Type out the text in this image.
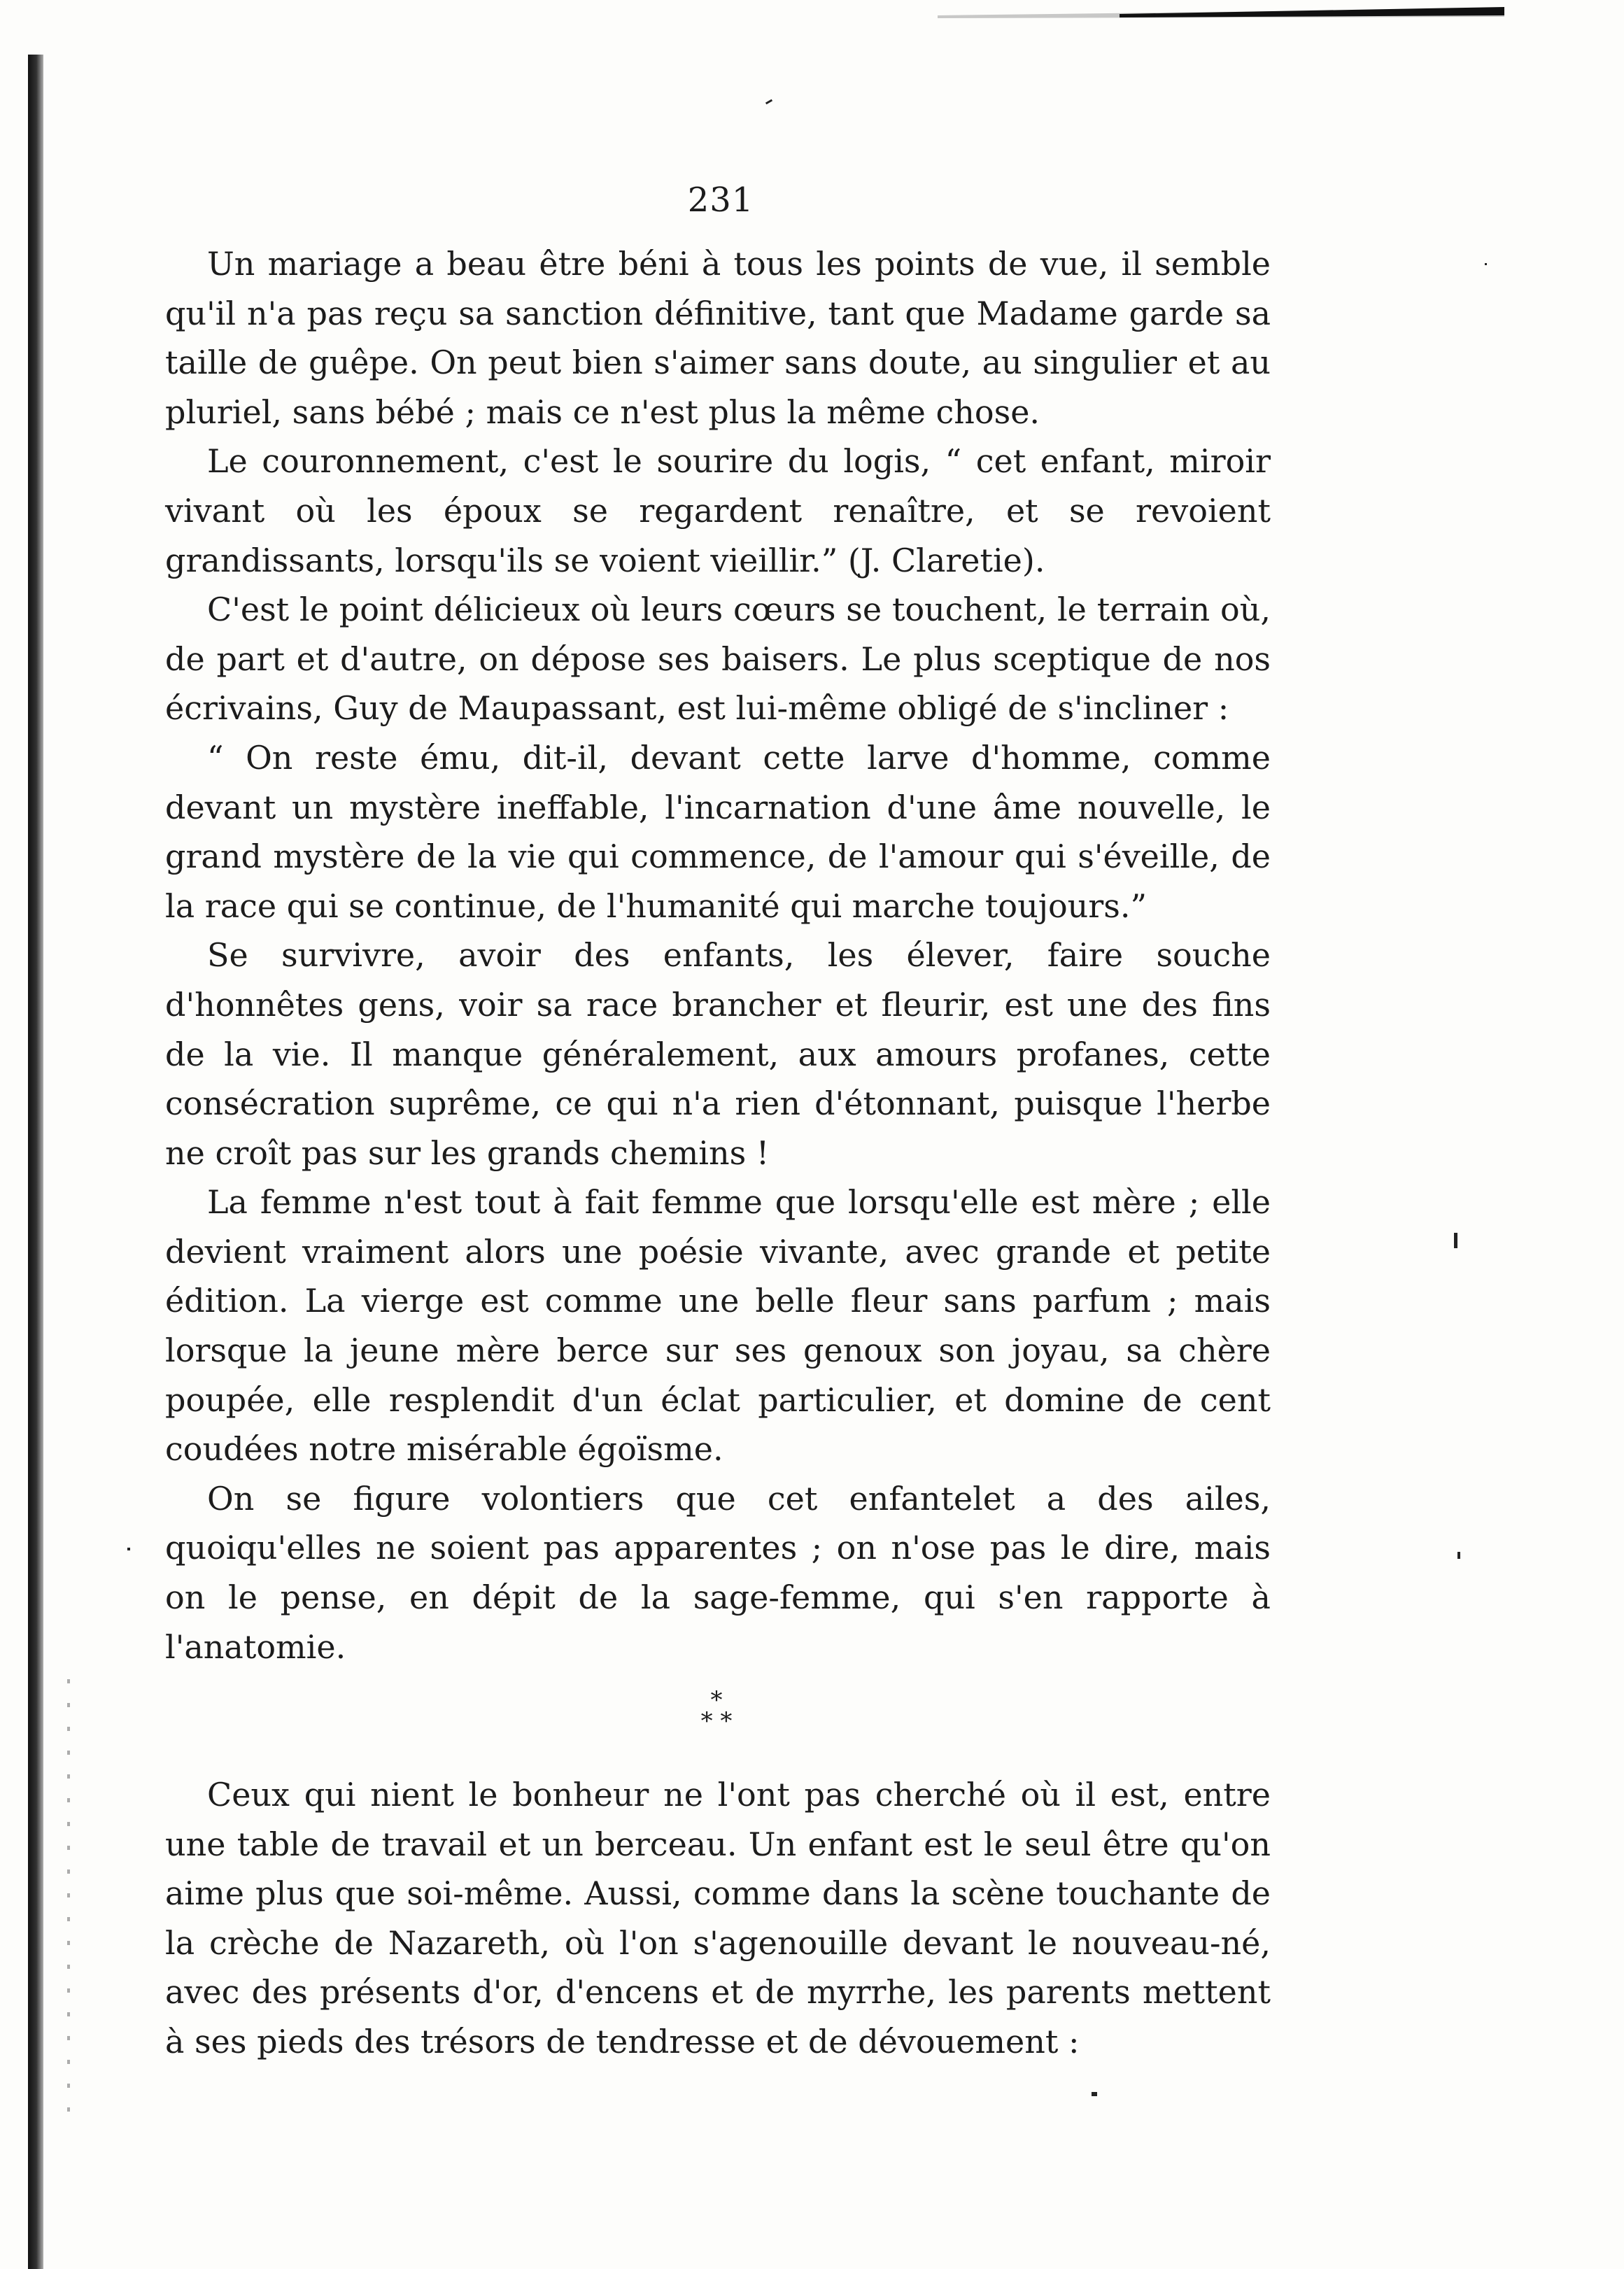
231

Un mariage a beau être béni à tous les points de vue, il semble qu'il n'a pas reçu sa sanction définitive, tant que Madame garde sa taille de guêpe. On peut bien s'aimer sans doute, au singulier et au pluriel, sans bébé ; mais ce n'est plus la même chose.

Le couronnement, c'est le sourire du logis, “ cet enfant, miroir vivant où les époux se regardent renaître, et se revoient grandissants, lorsqu'ils se voient vieillir.” (J. Claretie).

C'est le point délicieux où leurs cœurs se touchent, le terrain où, de part et d'autre, on dépose ses baisers. Le plus sceptique de nos écrivains, Guy de Maupassant, est lui-même obligé de s'incliner :

“ On reste ému, dit-il, devant cette larve d'homme, comme devant un mystère ineffable, l'incarnation d'une âme nouvelle, le grand mystère de la vie qui commence, de l'amour qui s'éveille, de la race qui se continue, de l'humanité qui marche toujours.”

Se survivre, avoir des enfants, les élever, faire souche d'honnêtes gens, voir sa race brancher et fleurir, est une des fins de la vie. Il manque généralement, aux amours profanes, cette consécration suprême, ce qui n'a rien d'étonnant, puisque l'herbe ne croît pas sur les grands chemins !

La femme n'est tout à fait femme que lorsqu'elle est mère ; elle devient vraiment alors une poésie vivante, avec grande et petite édition. La vierge est comme une belle fleur sans parfum ; mais lorsque la jeune mère berce sur ses genoux son joyau, sa chère poupée, elle resplendit d'un éclat particulier, et domine de cent coudées notre misérable égoïsme.

On se figure volontiers que cet enfantelet a des ailes, quoiqu'elles ne soient pas apparentes ; on n'ose pas le dire, mais on le pense, en dépit de la sage-femme, qui s'en rapporte à l'anatomie.

*
* *

Ceux qui nient le bonheur ne l'ont pas cherché où il est, entre une table de travail et un berceau. Un enfant est le seul être qu'on aime plus que soi-même. Aussi, comme dans la scène touchante de la crèche de Nazareth, où l'on s'agenouille devant le nouveau-né, avec des présents d'or, d'encens et de myrrhe, les parents mettent à ses pieds des trésors de tendresse et de dévouement :
